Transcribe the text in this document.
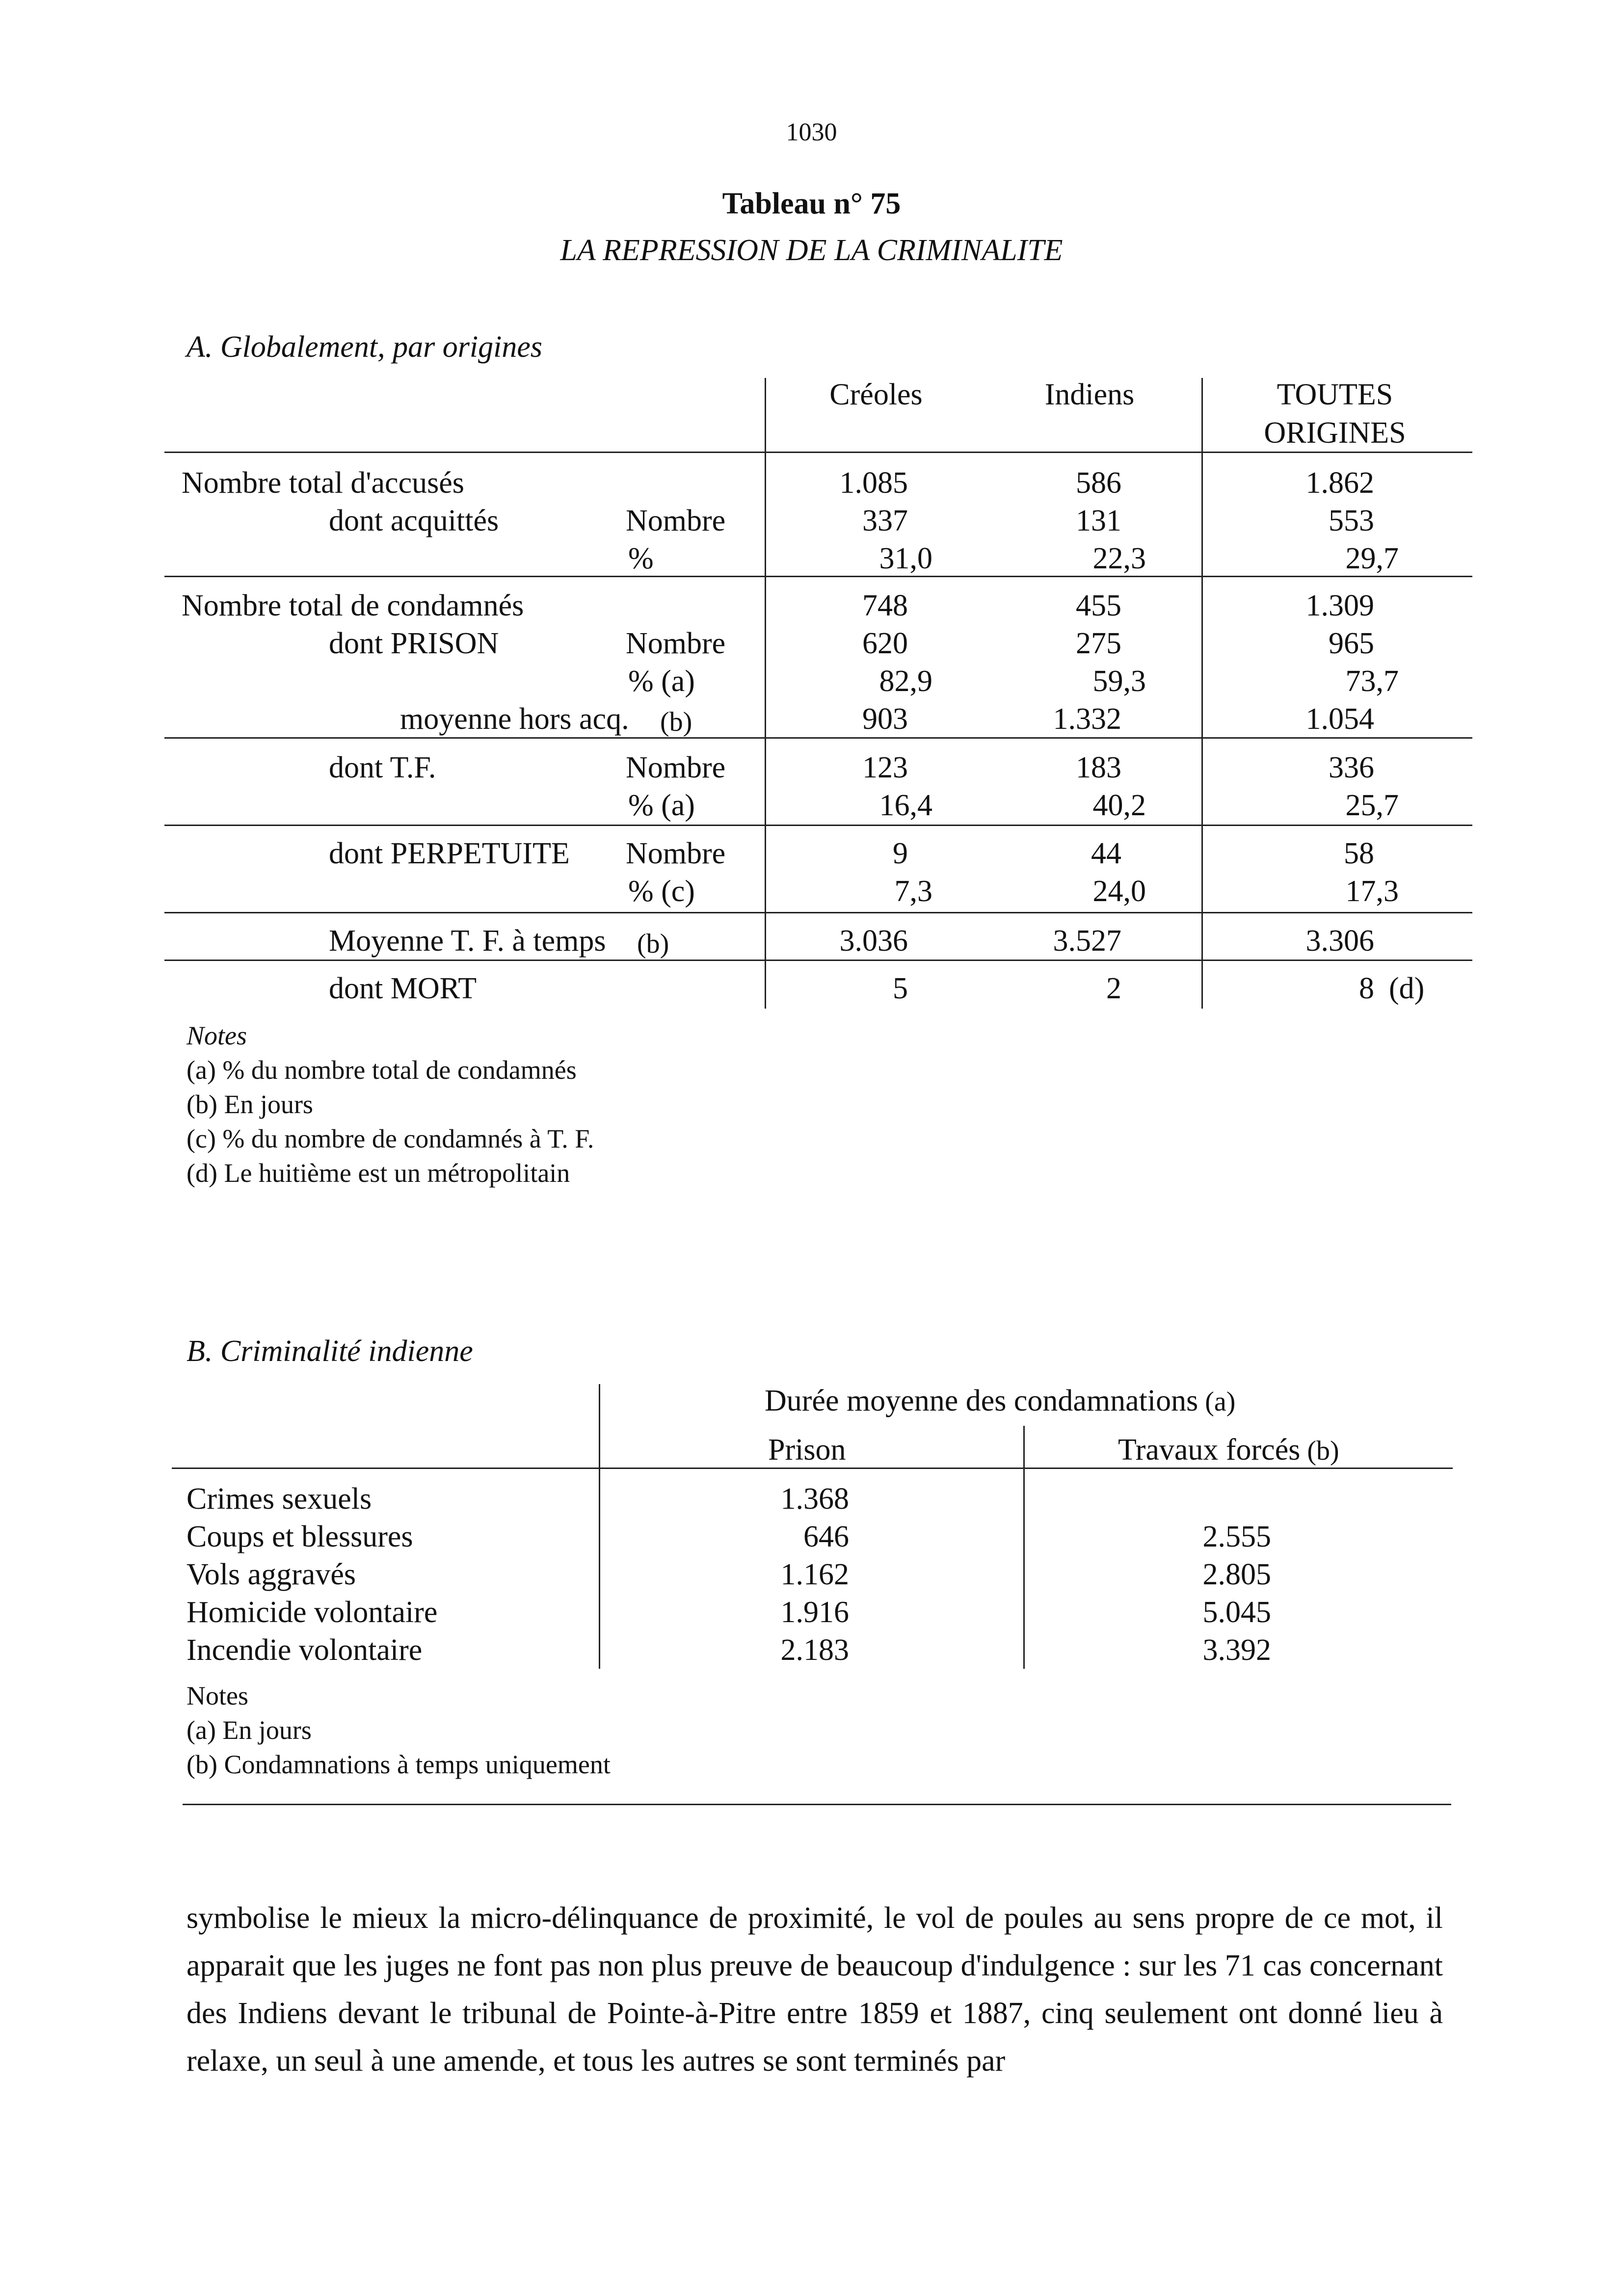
1030
Tableau n° 75
LA REPRESSION DE LA CRIMINALITE
A. Globalement, par origines
Créoles	Indiens	TOUTES
ORIGINES
Nombre total d'accusés	1.085	586	1.862
dont acquittés	Nombre	337	131	553
%	31,0	22,3	29,7
Nombre total de condamnés	748	455	1.309
dont PRISON	Nombre	620	275	965
% (a)	82,9	59,3	73,7
moyenne hors acq. (b)	903	1.332	1.054
dont T.F.	Nombre	123	183	336
% (a)	16,4	40,2	25,7
dont PERPETUITE Nombre	9	44	58
% (c)	7,3	24,0	17,3
Moyenne T. F. à temps (b)	3.036	3.527	3.306
dont MORT	5	2	8 (d)
Notes
(a) % du nombre total de condamnés
(b) En jours
(c) % du nombre de condamnés à T. F.
(d) Le huitième est un métropolitain
B. Criminalité indienne
Durée moyenne des condamnations (a)
Prison	Travaux forcés (b)
Crimes sexuels	1.368
Coups et blessures	646	2.555
Vols aggravés	1.162	2.805
Homicide volontaire	1.916	5.045
Incendie volontaire	2.183	3.392
Notes
(a) En jours
(b) Condamnations à temps uniquement
symbolise le mieux la micro-délinquance de proximité, le vol de poules au sens propre de ce mot, il apparait que les juges ne font pas non plus preuve de beaucoup d'indulgence : sur les 71 cas concernant des Indiens devant le tribunal de Pointe-à-Pitre entre 1859 et 1887, cinq seulement ont donné lieu à relaxe, un seul à une amende, et tous les autres se sont terminés par
